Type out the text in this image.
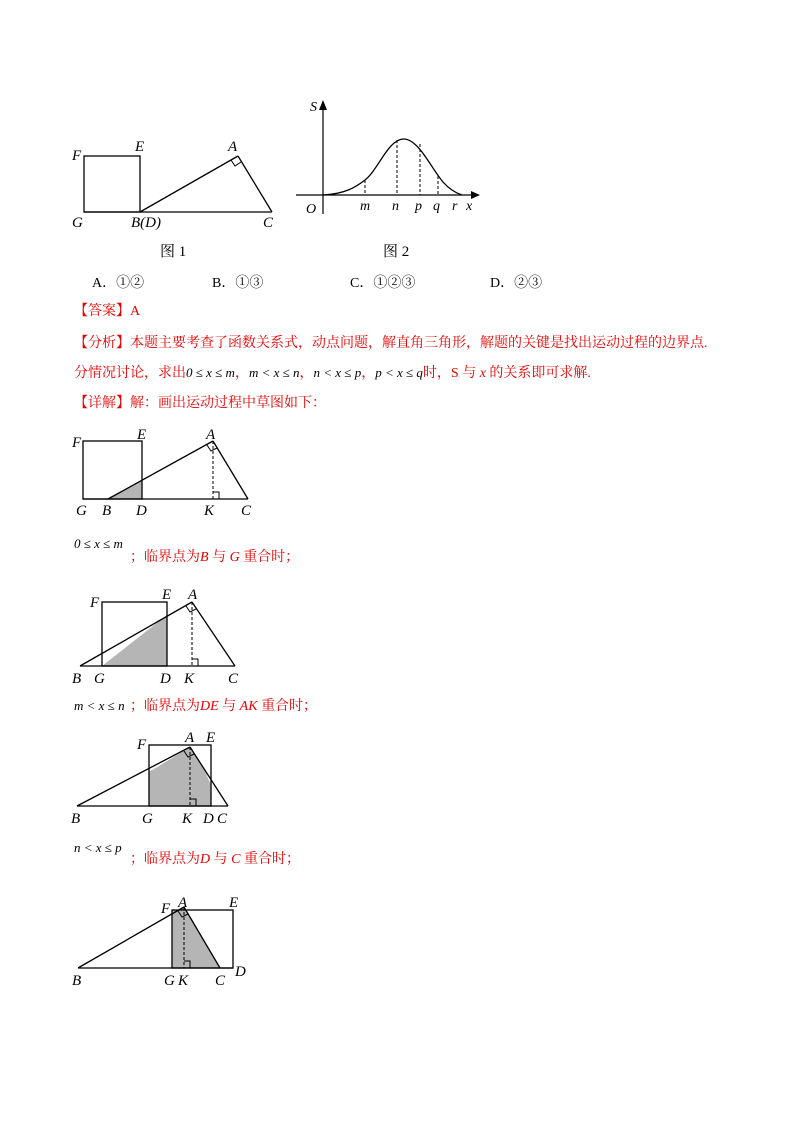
F
E	A
G	B(D)	C
图 1
S
O	m n p q r x
图 2
A．①②	B．①③	C．①②③	D．②③
【答案】A
【分析】本题主要考查了函数关系式，动点问题，解直角三角形，解题的关键是找出运动过程的边界点.
分情况讨论，求出0 ≤ x ≤ m，m < x ≤ n，n < x ≤ p，p < x ≤ q时，S 与 x 的关系即可求解.
【详解】解：画出运动过程中草图如下：
F	E	A
G B D	K C
0 ≤ x ≤ m
；临界点为B 与 G 重合时；
F	E A
B G	D K C
m < x ≤ n ；临界点为DE 与 AK 重合时；
F	A E
B	G K D C
n < x ≤ p
；临界点为D 与 C 重合时；
F A	E
B	G K C
D
